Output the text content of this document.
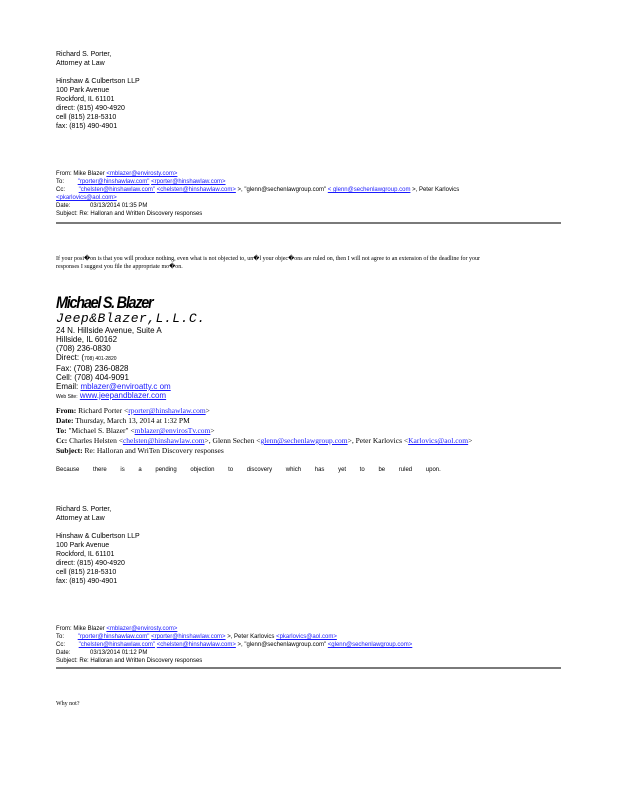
Richard S. Porter,
Attorney at Law
Hinshaw & Culbertson LLP
100 Park Avenue
Rockford, IL 61101
direct: (815) 490-4920
cell (815) 218-5310
fax: (815) 490-4901
From: Mike Blazer <mblazer@envirosty.com>
To: "rporter@hinshawlaw.com" <rporter@hinshawlaw.com>
Cc: "chelsten@hinshawlaw.com" <chelsten@hinshawlaw.com> >, "glenn@sechenlawgroup.com" < glenn@sechenlawgroup.com >, Peter Karlovics
<pkarlovics@aol.com>
Date:	03/13/2014 01:35 PM
Subject: Re: Halloran and Written Discovery responses
If your posi�on is that you will produce nothing, even what is not objected to, un�l your objec�ons are ruled on, then I will not agree to an extension of the deadline for your
responses I suggest you file the appropriate mo�on.
Michael S. Blazer
Jeep&Blazer,L.L.C.
24 N. Hillside Avenue, Suite A
Hillside, IL 60162
(708) 236-0830
Direct: (708) 401-2820
Fax: (708) 236-0828
Cell: (708) 404-9091
Email: mblazer@enviroatty.c om
Web Site: www.jeepandblazer.com
From: Richard Porter <rporter@hinshawlaw.com>
Date: Thursday, March 13, 2014 at 1:32 PM
To: "Michael S. Blazer" <mblazer@envirosTv.com>
Cc: Charles Helsten <chelsten@hinshawlaw.com>, Glenn Sechen <glenn@sechenlawgroup.com>, Peter Karlovics <Karlovics@aol.com>
Subject: Re: Halloran and WriTen Discovery responses
Because there is a pending objection to discovery which has yet to be ruled upon.
Richard S. Porter,
Attorney at Law
Hinshaw & Culbertson LLP
100 Park Avenue
Rockford, IL 61101
direct: (815) 490-4920
cell (815) 218-5310
fax: (815) 490-4901
From: Mike Blazer <mblazer@envirosty.com>
To: "rporter@hinshawlaw.com" <rporter@hinshawlaw.com> >, Peter Karlovics <pkarlovics@aol.com>
Cc: "chelsten@hinshawlaw.com" <chelsten@hinshawlaw.com> >, "glenn@sechenlawgroup.com" <glenn@sechenlawgroup.com>
Date:	03/13/2014 01:12 PM
Subject: Re: Halloran and Written Discovery responses
Why not?
